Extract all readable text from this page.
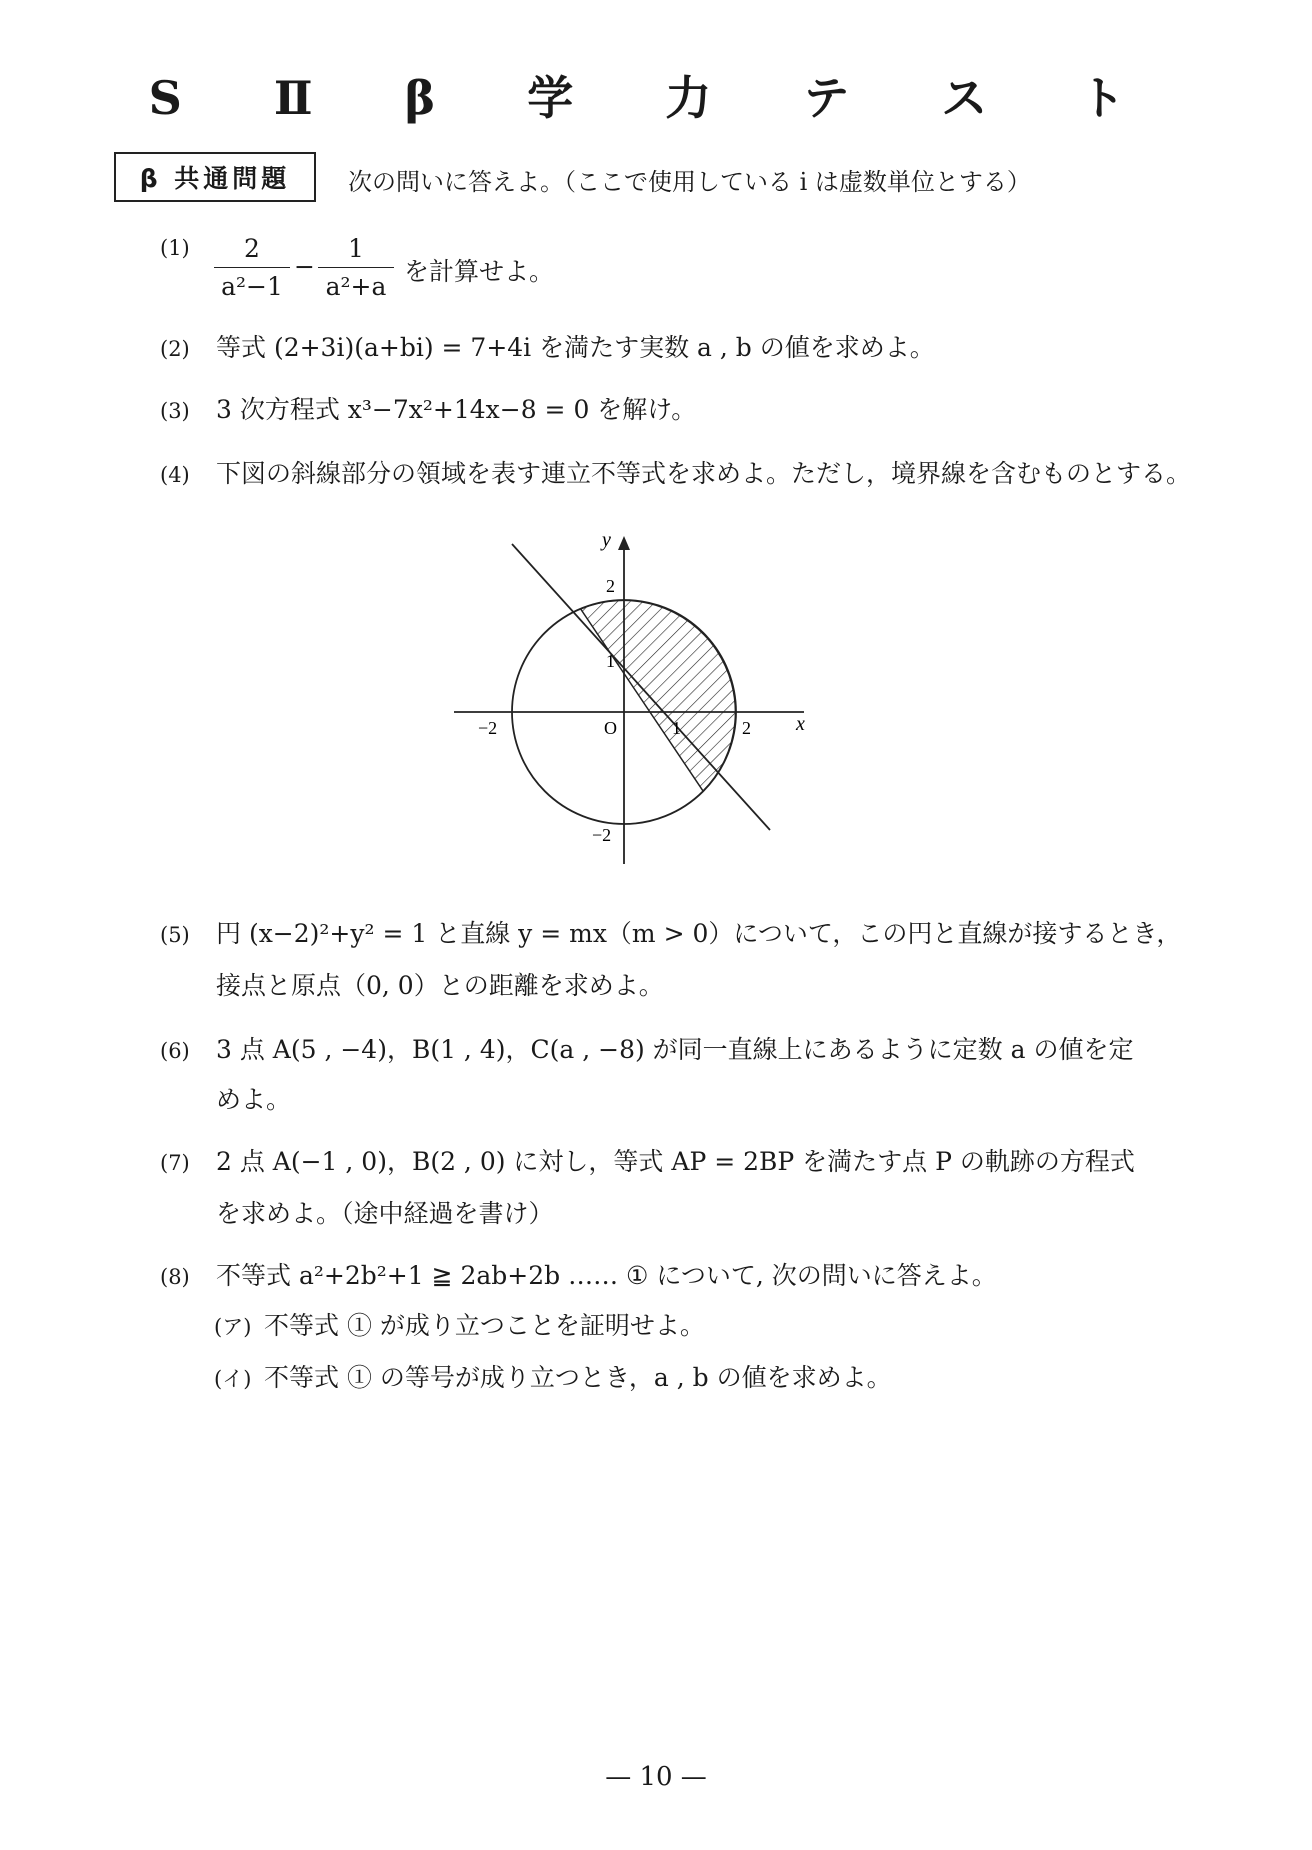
S Ⅱ β 学 力 テ ス ト
β 共通問題	次の問いに答えよ。（ここで使用している i は虚数単位とする）
$(1) \frac{2}{\text{a²−1}} - \frac{1}{\text{a²+a}}$ を計算せよ。
(2) 等式 (2+3i)(a+bi) = 7+4i を満たす実数 a , b の値を求めよ。
(3) 3 次方程式 x³−7x²+14x−8 = 0 を解け。
(4) 下図の斜線部分の領域を表す連立不等式を求めよ。ただし，境界線を含むものとする。
y
x
2
1
O	1	2
−2
−2
(5) 円 (x−2)²+y² = 1 と直線 y = mx（m > 0）について，この円と直線が接するとき，
接点と原点（0, 0）との距離を求めよ。
(6) 3 点 A(5 , −4)，B(1 , 4)，C(a , −8) が同一直線上にあるように定数 a の値を定
めよ。
(7) 2 点 A(−1 , 0)，B(2 , 0) に対し，等式 AP = 2BP を満たす点 P の軌跡の方程式
を求めよ。（途中経過を書け）
(8) 不等式 a²+2b²+1 ≧ 2ab+2b …… ① について, 次の問いに答えよ。
(ア) 不等式 ① が成り立つことを証明せよ。
(イ) 不等式 ① の等号が成り立つとき，a , b の値を求めよ。
— 10 —
